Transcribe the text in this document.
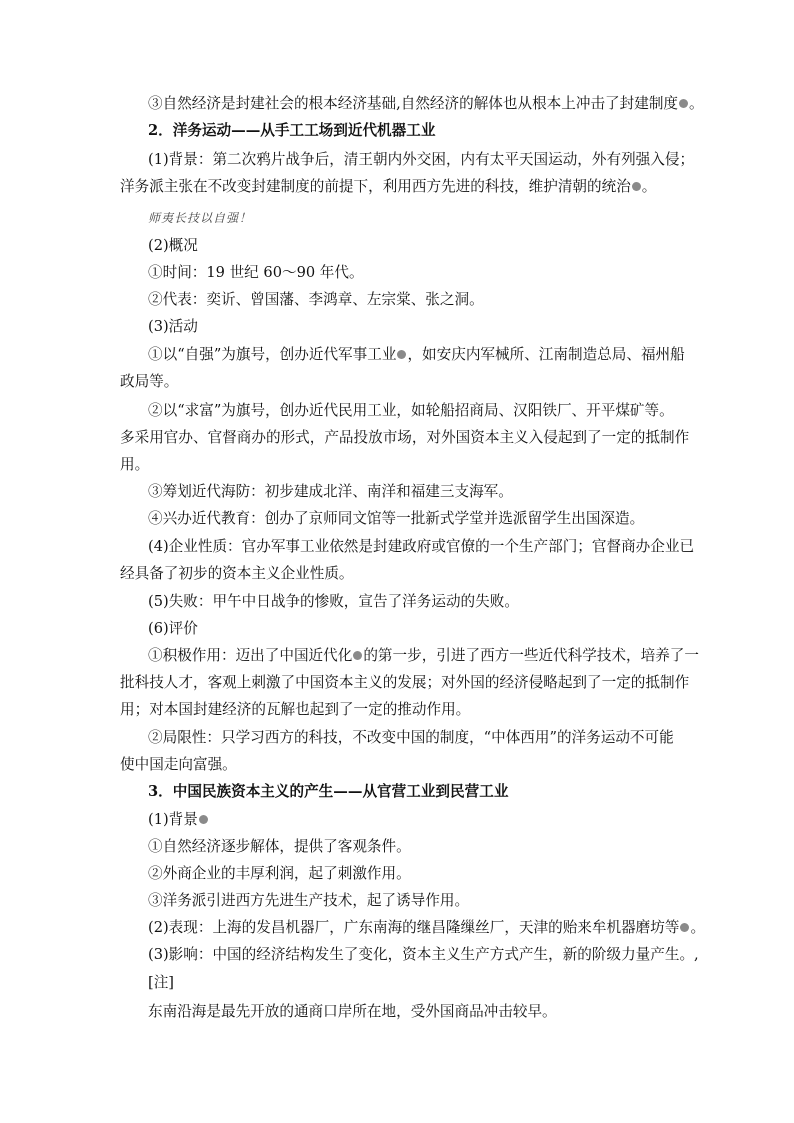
③自然经济是封建社会的根本经济基础,自然经济的解体也从根本上冲击了封建制度 。
2．洋务运动——从手工工场到近代机器工业
(1)背景：第二次鸦片战争后，清王朝内外交困，内有太平天国运动，外有列强入侵；
洋务派主张在不改变封建制度的前提下，利用西方先进的科技，维护清朝的统治 。
师夷长技以自强！
(2)概况
①时间：19 世纪 60～90 年代。
②代表：奕䜣、曾国藩、李鸿章、左宗棠、张之洞。
(3)活动
①以“自强”为旗号，创办近代军事工业 ，如安庆内军械所、江南制造总局、福州船
政局等。
②以“求富”为旗号，创办近代民用工业，如轮船招商局、汉阳铁厂、开平煤矿等。
多采用官办、官督商办的形式，产品投放市场，对外国资本主义入侵起到了一定的抵制作
用。
③筹划近代海防：初步建成北洋、南洋和福建三支海军。
④兴办近代教育：创办了京师同文馆等一批新式学堂并选派留学生出国深造。
(4)企业性质：官办军事工业依然是封建政府或官僚的一个生产部门；官督商办企业已
经具备了初步的资本主义企业性质。
(5)失败：甲午中日战争的惨败，宣告了洋务运动的失败。
(6)评价
①积极作用：迈出了中国近代化 的第一步，引进了西方一些近代科学技术，培养了一
批科技人才，客观上刺激了中国资本主义的发展；对外国的经济侵略起到了一定的抵制作
用；对本国封建经济的瓦解也起到了一定的推动作用。
②局限性：只学习西方的科技，不改变中国的制度，“中体西用”的洋务运动不可能
使中国走向富强。
3．中国民族资本主义的产生——从官营工业到民营工业
(1)背景
①自然经济逐步解体，提供了客观条件。
②外商企业的丰厚利润，起了刺激作用。
③洋务派引进西方先进生产技术，起了诱导作用。
(2)表现：上海的发昌机器厂，广东南海的继昌隆缫丝厂，天津的贻来牟机器磨坊等 。
(3)影响：中国的经济结构发生了变化，资本主义生产方式产生，新的阶级力量产生。,
[注]
东南沿海是最先开放的通商口岸所在地，受外国商品冲击较早。
